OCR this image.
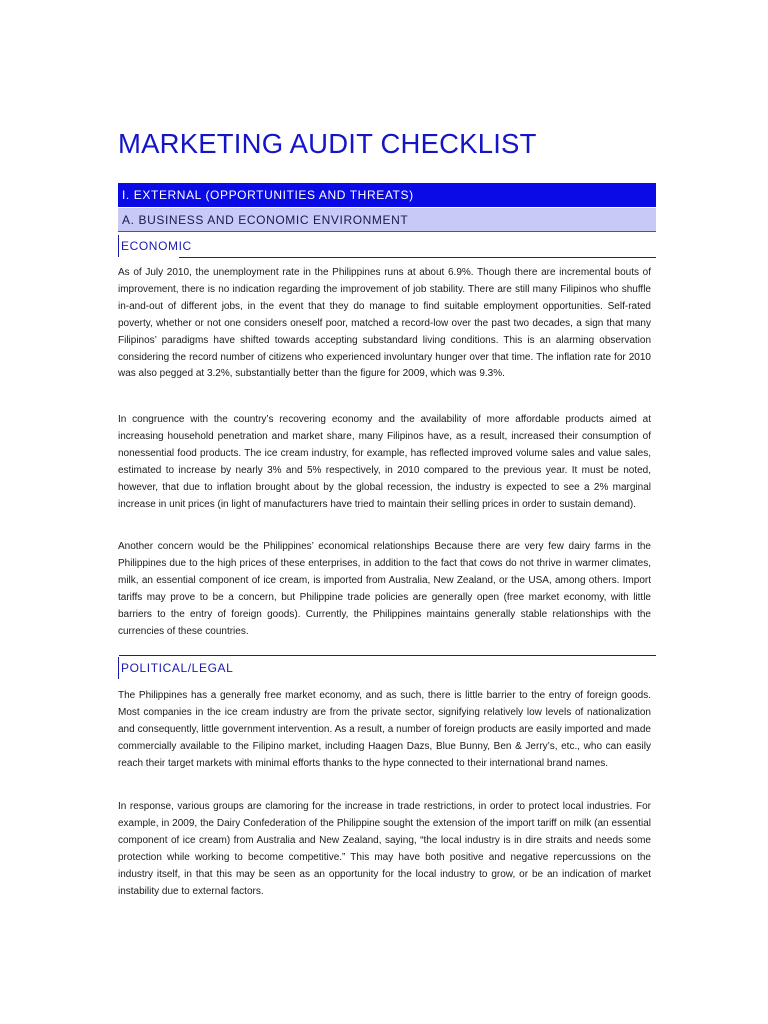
MARKETING AUDIT CHECKLIST
I. EXTERNAL (OPPORTUNITIES AND THREATS)
A. BUSINESS AND ECONOMIC ENVIRONMENT
ECONOMIC

As of July 2010, the unemployment rate in the Philippines runs at about 6.9%. Though there are incremental bouts of improvement, there is no indication regarding the improvement of job stability. There are still many Filipinos who shuffle in-and-out of different jobs, in the event that they do manage to find suitable employment opportunities. Self-rated poverty, whether or not one considers oneself poor, matched a record-low over the past two decades, a sign that many Filipinos’ paradigms have shifted towards accepting substandard living conditions. This is an alarming observation considering the record number of citizens who experienced involuntary hunger over that time. The inflation rate for 2010 was also pegged at 3.2%, substantially better than the figure for 2009, which was 9.3%.

In congruence with the country’s recovering economy and the availability of more affordable products aimed at increasing household penetration and market share, many Filipinos have, as a result, increased their consumption of nonessential food products. The ice cream industry, for example, has reflected improved volume sales and value sales, estimated to increase by nearly 3% and 5% respectively, in 2010 compared to the previous year. It must be noted, however, that due to inflation brought about by the global recession, the industry is expected to see a 2% marginal increase in unit prices (in light of manufacturers have tried to maintain their selling prices in order to sustain demand).

Another concern would be the Philippines’ economical relationships Because there are very few dairy farms in the Philippines due to the high prices of these enterprises, in addition to the fact that cows do not thrive in warmer climates, milk, an essential component of ice cream, is imported from Australia, New Zealand, or the USA, among others. Import tariffs may prove to be a concern, but Philippine trade policies are generally open (free market economy, with little barriers to the entry of foreign goods). Currently, the Philippines maintains generally stable relationships with the currencies of these countries.

POLITICAL/LEGAL

The Philippines has a generally free market economy, and as such, there is little barrier to the entry of foreign goods. Most companies in the ice cream industry are from the private sector, signifying relatively low levels of nationalization and consequently, little government intervention. As a result, a number of foreign products are easily imported and made commercially available to the Filipino market, including Haagen Dazs, Blue Bunny, Ben & Jerry’s, etc., who can easily reach their target markets with minimal efforts thanks to the hype connected to their international brand names.

In response, various groups are clamoring for the increase in trade restrictions, in order to protect local industries. For example, in 2009, the Dairy Confederation of the Philippine sought the extension of the import tariff on milk (an essential component of ice cream) from Australia and New Zealand, saying, “the local industry is in dire straits and needs some protection while working to become competitive.” This may have both positive and negative repercussions on the industry itself, in that this may be seen as an opportunity for the local industry to grow, or be an indication of market instability due to external factors.
